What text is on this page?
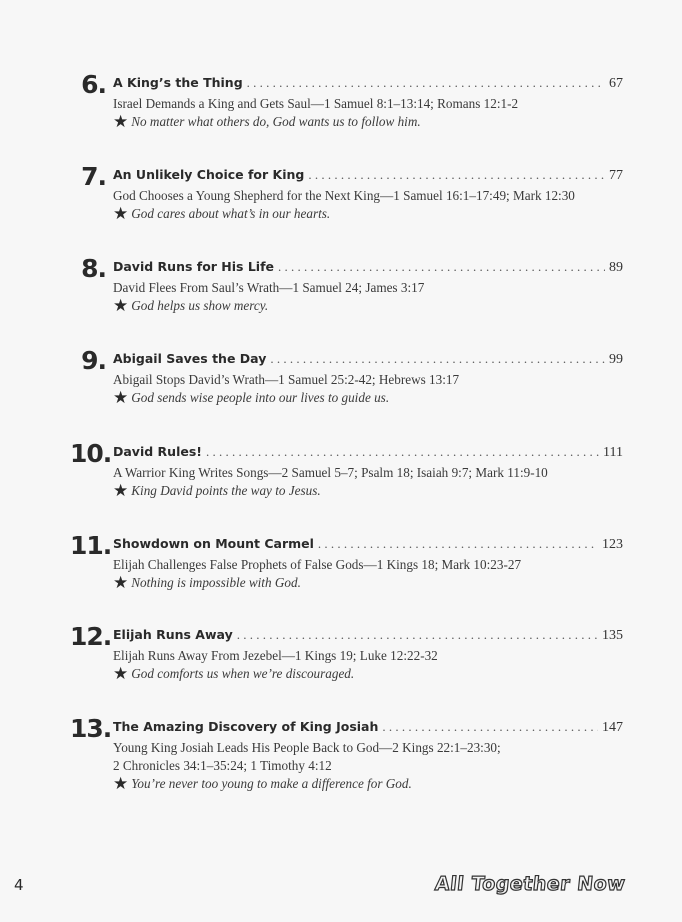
6. A King’s the Thing . . .	67
Israel Demands a King and Gets Saul—1 Samuel 8:1–13:14; Romans 12:1-2
★ No matter what others do, God wants us to follow him.
7. An Unlikely Choice for King . . .	77
God Chooses a Young Shepherd for the Next King—1 Samuel 16:1–17:49; Mark 12:30
★ God cares about what’s in our hearts.
8. David Runs for His Life . . .	89
David Flees From Saul’s Wrath—1 Samuel 24; James 3:17
★ God helps us show mercy.
9. Abigail Saves the Day . . .	99
Abigail Stops David’s Wrath—1 Samuel 25:2-42; Hebrews 13:17
★ God sends wise people into our lives to guide us.
10. David Rules! . . .	111
A Warrior King Writes Songs—2 Samuel 5–7; Psalm 18; Isaiah 9:7; Mark 11:9-10
★ King David points the way to Jesus.
11. Showdown on Mount Carmel . . .	123
Elijah Challenges False Prophets of False Gods—1 Kings 18; Mark 10:23-27
★ Nothing is impossible with God.
12. Elijah Runs Away . . .	135
Elijah Runs Away From Jezebel—1 Kings 19; Luke 12:22-32
★ God comforts us when we’re discouraged.
13. The Amazing Discovery of King Josiah . . .	147
Young King Josiah Leads His People Back to God—2 Kings 22:1–23:30;
2 Chronicles 34:1–35:24; 1 Timothy 4:12
★ You’re never too young to make a difference for God.
4	All Together Now
